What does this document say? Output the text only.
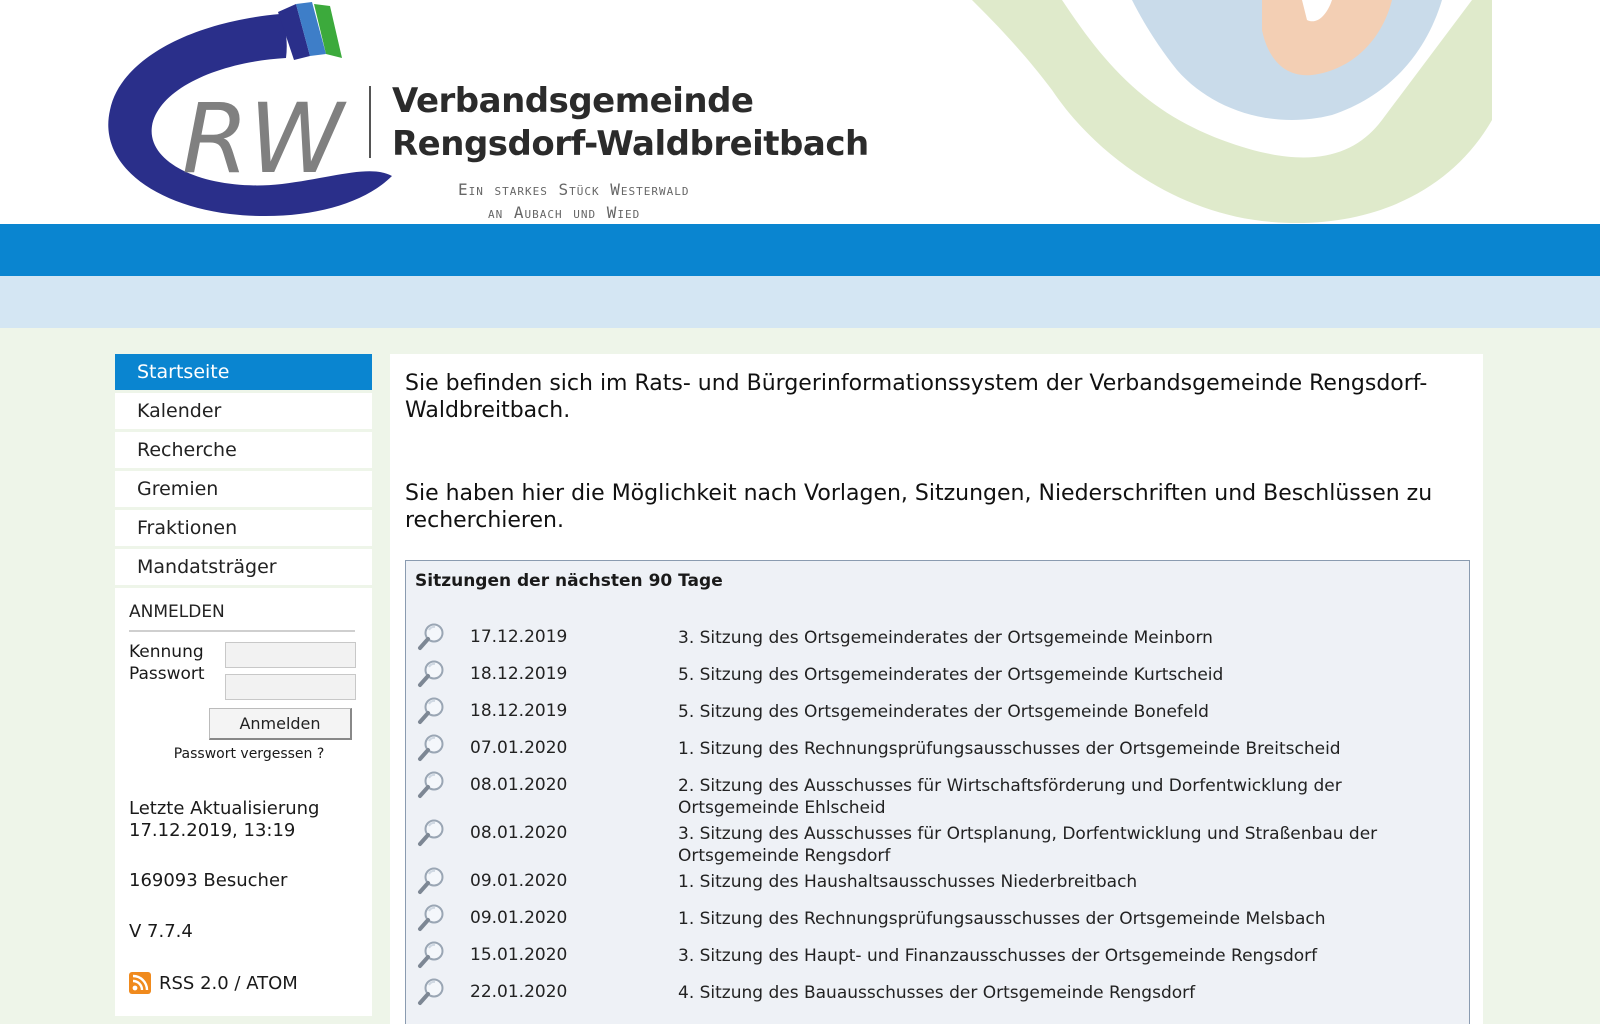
RW Verbandsgemeinde
Rengsdorf-Waldbreitbach
Ein starkes Stück Westerwald
an Aubach und Wied
Startseite
Kalender
Recherche
Gremien
Fraktionen
Mandatsträger
ANMELDEN
Kennung
Passwort
Anmelden
Passwort vergessen ?
Letzte Aktualisierung
17.12.2019, 13:19
169093 Besucher
V 7.7.4
RSS 2.0 / ATOM
Sie befinden sich im Rats- und Bürgerinformationssystem der Verbandsgemeinde Rengsdorf-Waldbreitbach.
Sie haben hier die Möglichkeit nach Vorlagen, Sitzungen, Niederschriften und Beschlüssen zu recherchieren.
Sitzungen der nächsten 90 Tage
17.12.2019	3. Sitzung des Ortsgemeinderates der Ortsgemeinde Meinborn
18.12.2019	5. Sitzung des Ortsgemeinderates der Ortsgemeinde Kurtscheid
18.12.2019	5. Sitzung des Ortsgemeinderates der Ortsgemeinde Bonefeld
07.01.2020	1. Sitzung des Rechnungsprüfungsausschusses der Ortsgemeinde Breitscheid
08.01.2020	2. Sitzung des Ausschusses für Wirtschaftsförderung und Dorfentwicklung der Ortsgemeinde Ehlscheid
08.01.2020	3. Sitzung des Ausschusses für Ortsplanung, Dorfentwicklung und Straßenbau der Ortsgemeinde Rengsdorf
09.01.2020	1. Sitzung des Haushaltsausschusses Niederbreitbach
09.01.2020	1. Sitzung des Rechnungsprüfungsausschusses der Ortsgemeinde Melsbach
15.01.2020	3. Sitzung des Haupt- und Finanzausschusses der Ortsgemeinde Rengsdorf
22.01.2020	4. Sitzung des Bauausschusses der Ortsgemeinde Rengsdorf
